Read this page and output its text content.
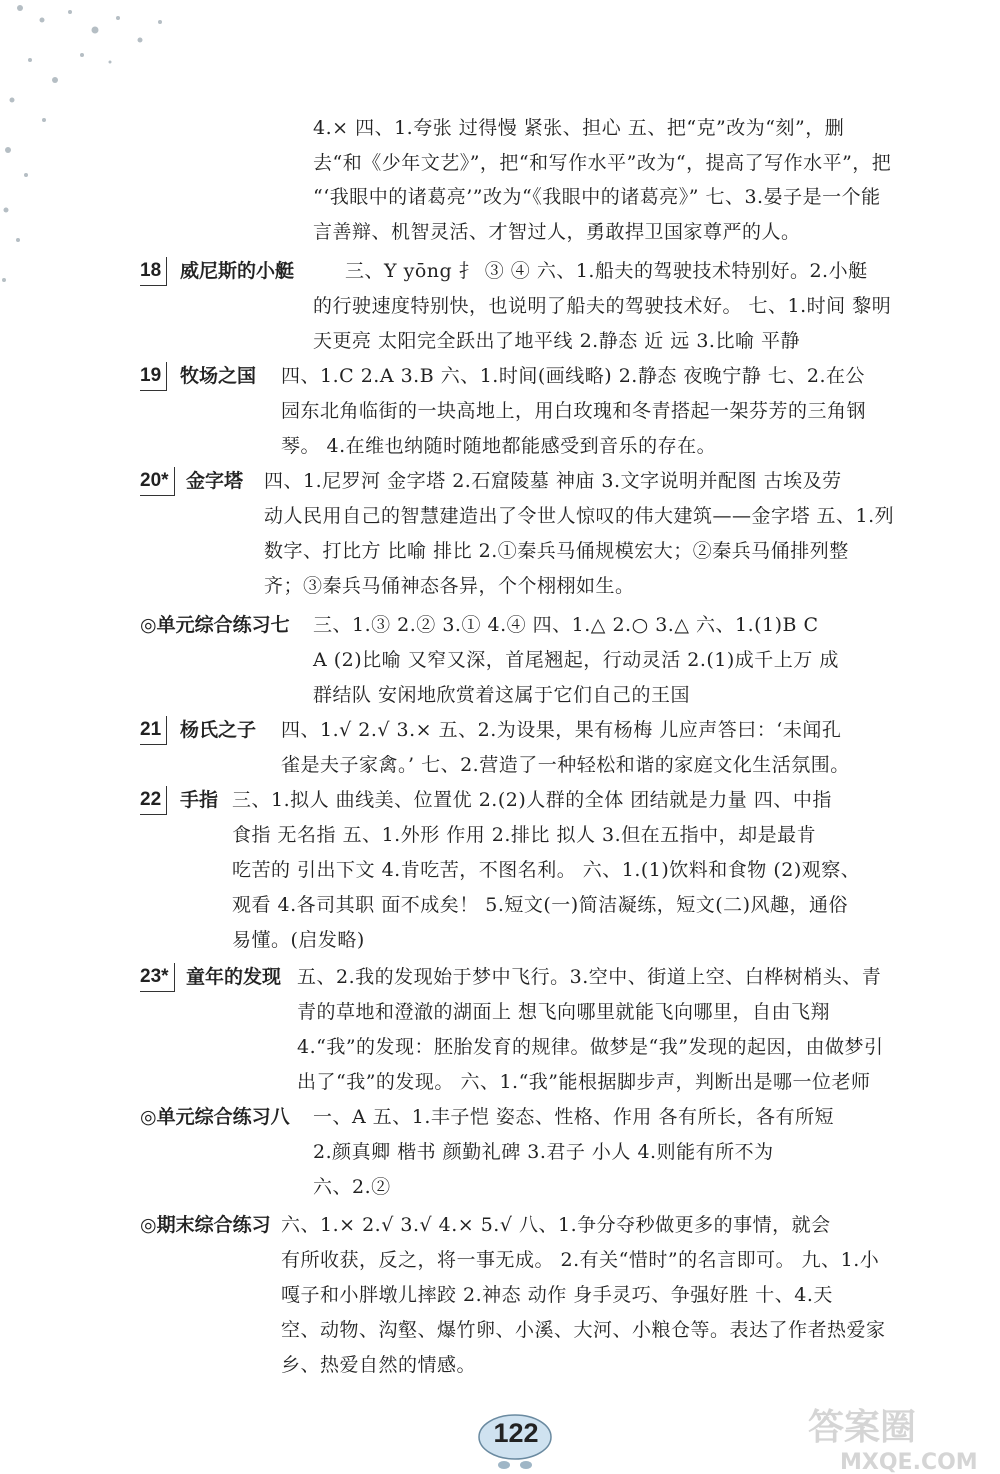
4.× 四、1.夸张 过得慢 紧张、担心 五、把“克”改为“刻”，删
去“和《少年文艺》”，把“和写作水平”改为“，提高了写作水平”，把
“‘我眼中的诸葛亮’”改为“《我眼中的诸葛亮》” 七、3.晏子是一个能
言善辩、机智灵活、才智过人，勇敢捍卫国家尊严的人。
18 威尼斯的小艇	三、Y yōng 扌 ③ ④ 六、1.船夫的驾驶技术特别好。2.小艇
的行驶速度特别快，也说明了船夫的驾驶技术好。 七、1.时间 黎明
天更亮 太阳完全跃出了地平线 2.静态 近 远 3.比喻 平静
19 牧场之国 四、1.C 2.A 3.B 六、1.时间(画线略) 2.静态 夜晚宁静 七、2.在公
园东北角临街的一块高地上，用白玫瑰和冬青搭起一架芬芳的三角钢
琴。 4.在维也纳随时随地都能感受到音乐的存在。
20* 金字塔 四、1.尼罗河 金字塔 2.石窟陵墓 神庙 3.文字说明并配图 古埃及劳
动人民用自己的智慧建造出了令世人惊叹的伟大建筑——金字塔 五、1.列
数字、打比方 比喻 排比 2.①秦兵马俑规模宏大；②秦兵马俑排列整
齐；③秦兵马俑神态各异，个个栩栩如生。
◎单元综合练习七 三、1.③ 2.② 3.① 4.④ 四、1.△ 2.○ 3.△ 六、1.(1)B C
A (2)比喻 又窄又深，首尾翘起，行动灵活 2.(1)成千上万 成
群结队 安闲地欣赏着这属于它们自己的王国
21 杨氏之子 四、1.√ 2.√ 3.× 五、2.为设果，果有杨梅 儿应声答曰：‘未闻孔
雀是夫子家禽。’ 七、2.营造了一种轻松和谐的家庭文化生活氛围。
22 手指 三、1.拟人 曲线美、位置优 2.(2)人群的全体 团结就是力量 四、中指
食指 无名指 五、1.外形 作用 2.排比 拟人 3.但在五指中，却是最肯
吃苦的 引出下文 4.肯吃苦，不图名利。 六、1.(1)饮料和食物 (2)观察、
观看 4.各司其职 面不成矣！ 5.短文(一)简洁凝练，短文(二)风趣，通俗
易懂。(启发略)
23* 童年的发现 五、2.我的发现始于梦中飞行。3.空中、街道上空、白桦树梢头、青
青的草地和澄澈的湖面上 想飞向哪里就能飞向哪里，自由飞翔
4.“我”的发现：胚胎发育的规律。做梦是“我”发现的起因，由做梦引
出了“我”的发现。 六、1.“我”能根据脚步声，判断出是哪一位老师
◎单元综合练习八 一、A 五、1.丰子恺 姿态、性格、作用 各有所长，各有所短
2.颜真卿 楷书 颜勤礼碑 3.君子 小人 4.则能有所不为
六、2.②
◎期末综合练习 六、1.× 2.√ 3.√ 4.× 5.√ 八、1.争分夺秒做更多的事情，就会
有所收获，反之，将一事无成。 2.有关“惜时”的名言即可。 九、1.小
嘎子和小胖墩儿摔跤 2.神态 动作 身手灵巧、争强好胜 十、4.天
空、动物、沟壑、爆竹卵、小溪、大河、小粮仓等。表达了作者热爱家
乡、热爱自然的情感。
122	答案圈
MXQE.COM
